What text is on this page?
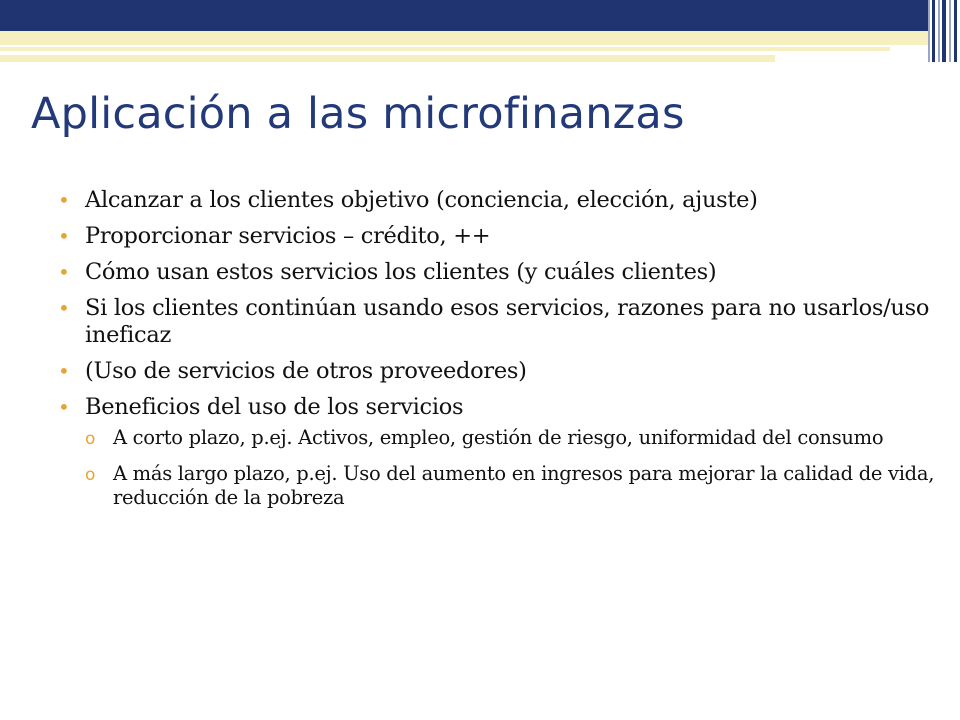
Aplicación a las microfinanzas
• Alcanzar a los clientes objetivo (conciencia, elección, ajuste)
• Proporcionar servicios – crédito, ++
• Cómo usan estos servicios los clientes (y cuáles clientes)
• Si los clientes continúan usando esos servicios, razones para no usarlos/uso ineficaz
• (Uso de servicios de otros proveedores)
• Beneficios del uso de los servicios
o A corto plazo, p.ej. Activos, empleo, gestión de riesgo, uniformidad del consumo
o A más largo plazo, p.ej. Uso del aumento en ingresos para mejorar la calidad de vida, reducción de la pobreza
